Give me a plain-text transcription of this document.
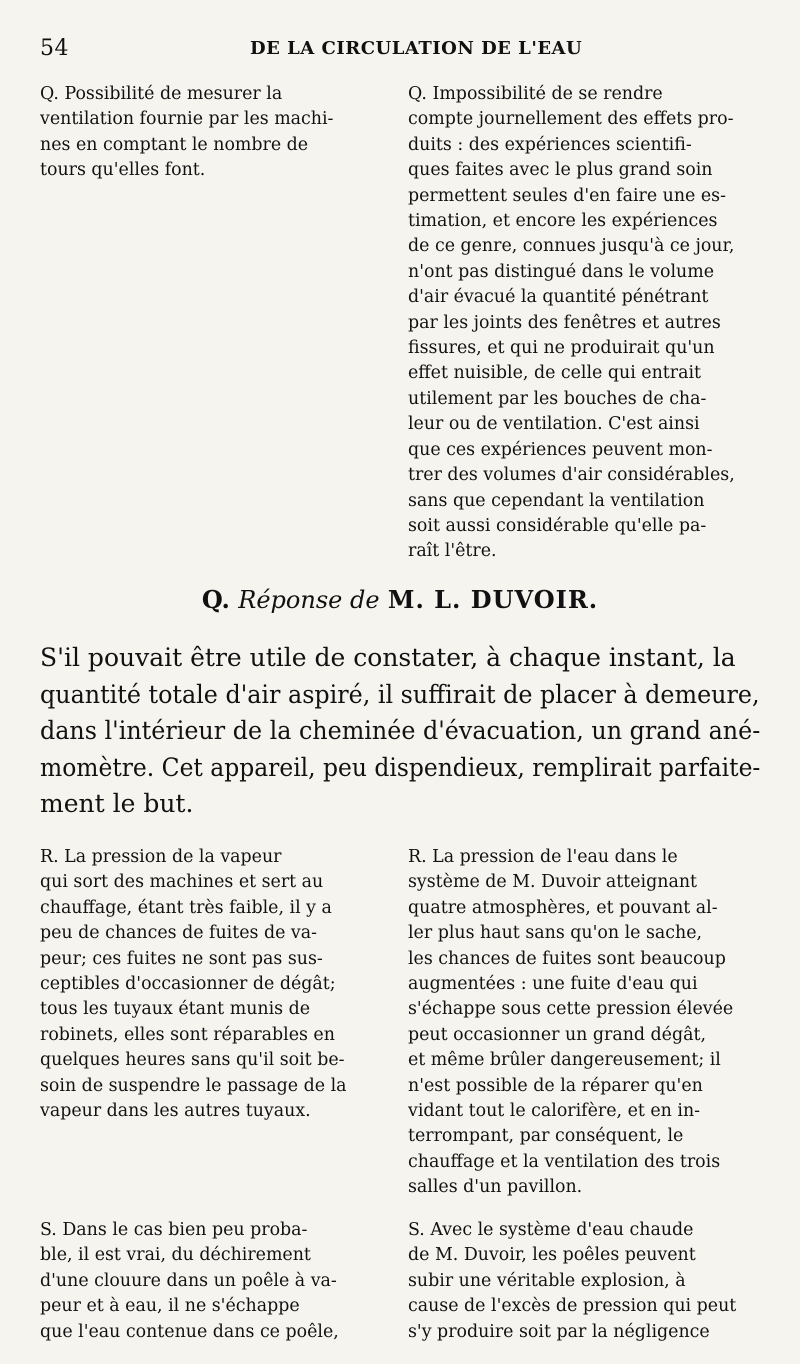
54	DE LA CIRCULATION DE L'EAU
Q. Possibilité de mesurer la
ventilation fournie par les machi-
nes en comptant le nombre de
tours qu'elles font.
Q. Impossibilité de se rendre
compte journellement des effets pro-
duits : des expériences scientifi-
ques faites avec le plus grand soin
permettent seules d'en faire une es-
timation, et encore les expériences
de ce genre, connues jusqu'à ce jour,
n'ont pas distingué dans le volume
d'air évacué la quantité pénétrant
par les joints des fenêtres et autres
fissures, et qui ne produirait qu'un
effet nuisible, de celle qui entrait
utilement par les bouches de cha-
leur ou de ventilation. C'est ainsi
que ces expériences peuvent mon-
trer des volumes d'air considérables,
sans que cependant la ventilation
soit aussi considérable qu'elle pa-
raît l'être.
Q. Réponse de M. L. DUVOIR.
S'il pouvait être utile de constater, à chaque instant, la
quantité totale d'air aspiré, il suffirait de placer à demeure,
dans l'intérieur de la cheminée d'évacuation, un grand ané-
momètre. Cet appareil, peu dispendieux, remplirait parfaite-
ment le but.
R. La pression de la vapeur
qui sort des machines et sert au
chauffage, étant très faible, il y a
peu de chances de fuites de va-
peur; ces fuites ne sont pas sus-
ceptibles d'occasionner de dégât;
tous les tuyaux étant munis de
robinets, elles sont réparables en
quelques heures sans qu'il soit be-
soin de suspendre le passage de la
vapeur dans les autres tuyaux.
R. La pression de l'eau dans le
système de M. Duvoir atteignant
quatre atmosphères, et pouvant al-
ler plus haut sans qu'on le sache,
les chances de fuites sont beaucoup
augmentées : une fuite d'eau qui
s'échappe sous cette pression élevée
peut occasionner un grand dégât,
et même brûler dangereusement; il
n'est possible de la réparer qu'en
vidant tout le calorifère, et en in-
terrompant, par conséquent, le
chauffage et la ventilation des trois
salles d'un pavillon.
S. Dans le cas bien peu proba-
ble, il est vrai, du déchirement
d'une clouure dans un poêle à va-
peur et à eau, il ne s'échappe
que l'eau contenue dans ce poêle,
S. Avec le système d'eau chaude
de M. Duvoir, les poêles peuvent
subir une véritable explosion, à
cause de l'excès de pression qui peut
s'y produire soit par la négligence
